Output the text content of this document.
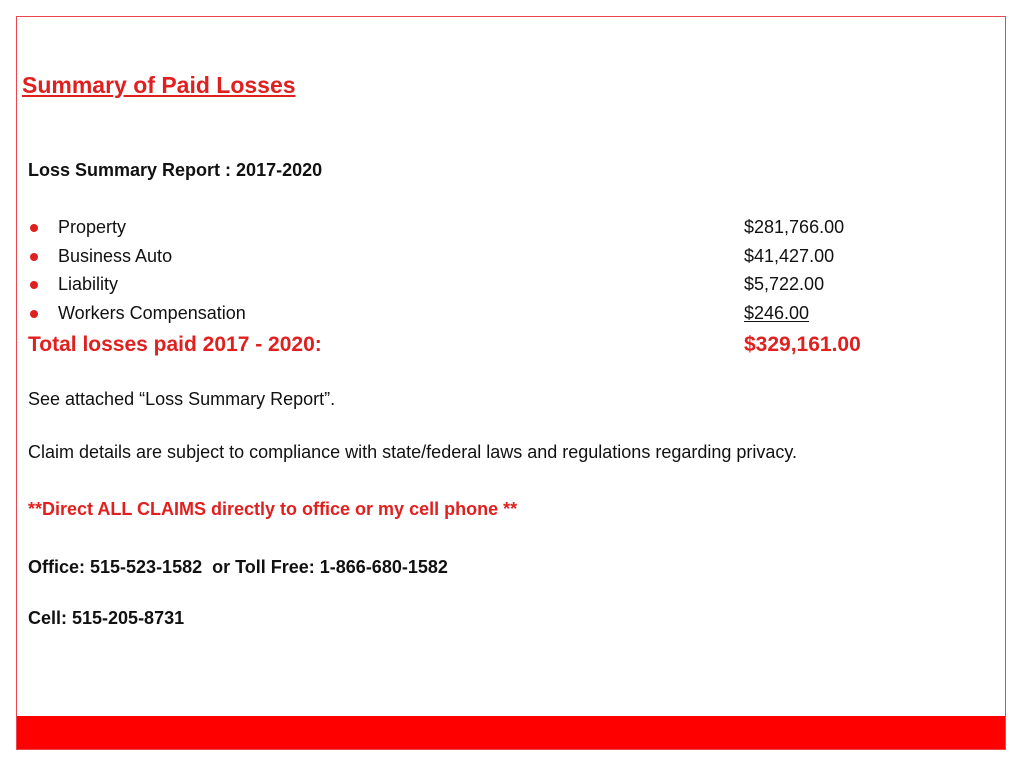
Summary of Paid Losses
Loss Summary Report : 2017-2020
Property	$281,766.00
Business Auto	$41,427.00
Liability	$5,722.00
Workers Compensation	$246.00
Total losses paid 2017 - 2020:	$329,161.00
See attached “Loss Summary Report”.
Claim details are subject to compliance with state/federal laws and regulations regarding privacy.
**Direct ALL CLAIMS directly to office or my cell phone **
Office: 515-523-1582  or Toll Free: 1-866-680-1582
Cell: 515-205-8731
